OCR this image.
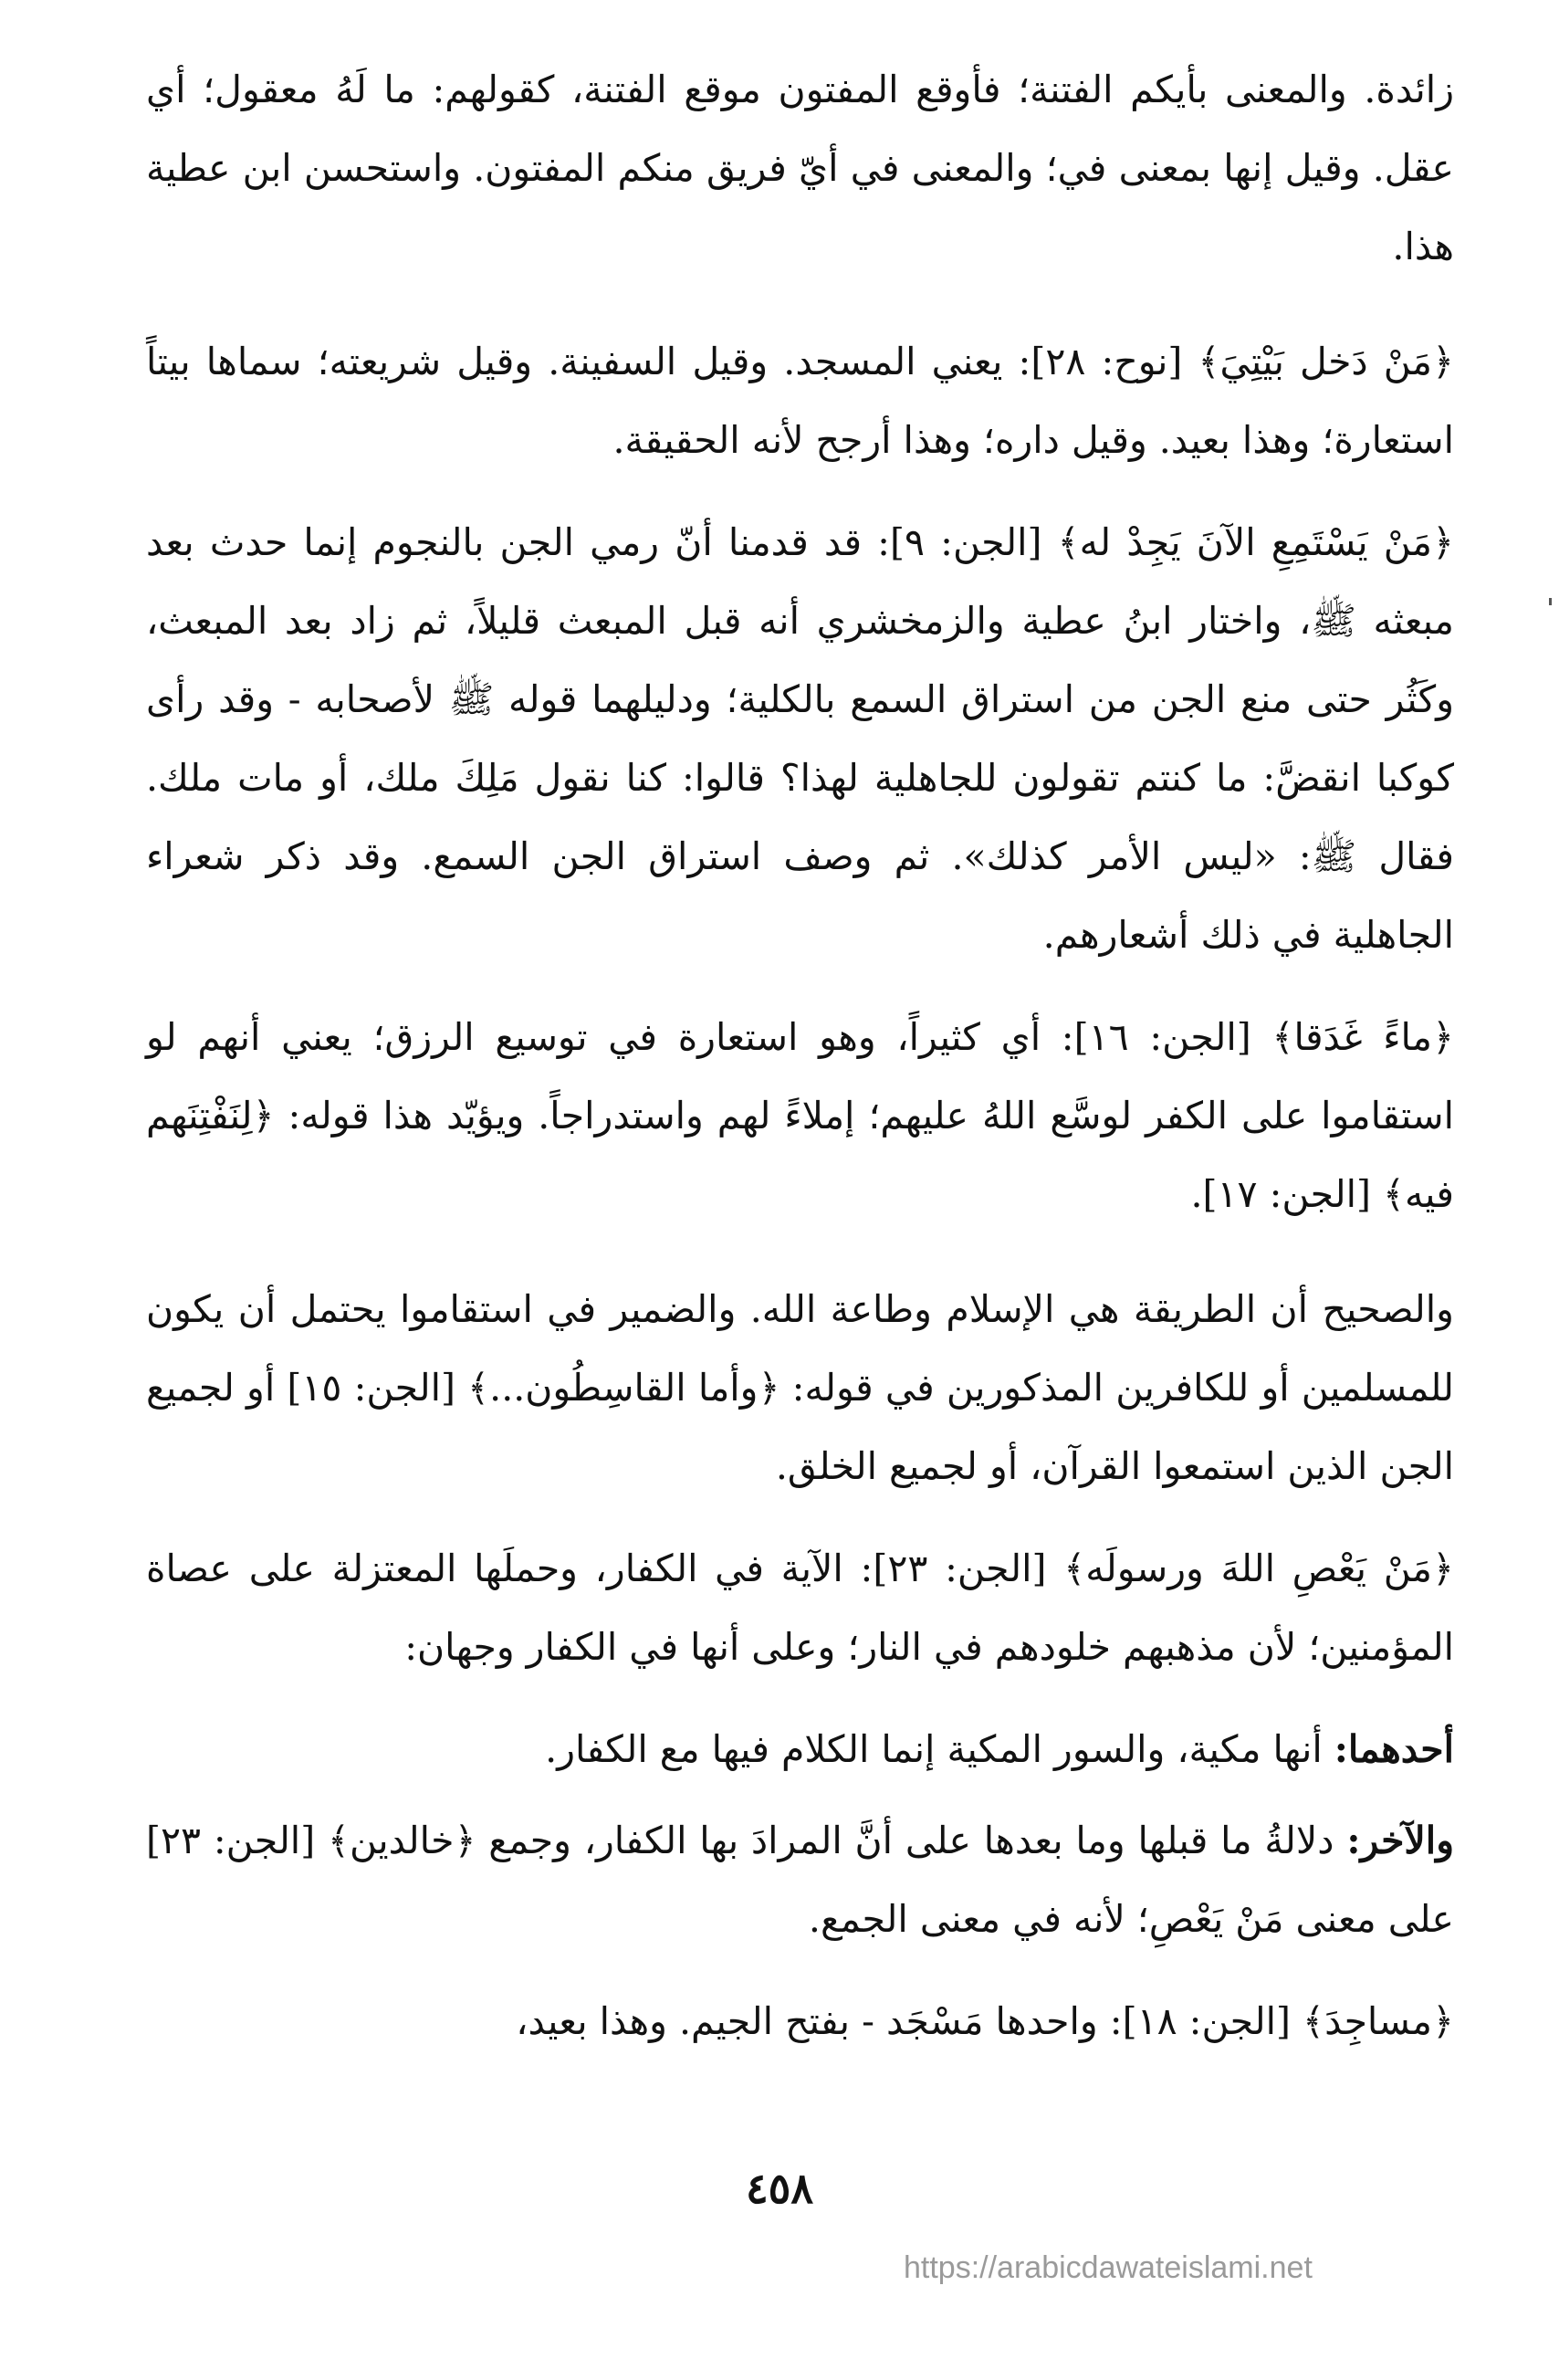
زائدة. والمعنى بأيكم الفتنة؛ فأوقع المفتون موقع الفتنة، كقولهم: ما لَهُ معقول؛ أي عقل. وقيل إنها بمعنى في؛ والمعنى في أيّ فريق منكم المفتون. واستحسن ابن عطية هذا.

﴿مَنْ دَخل بَيْتِيَ﴾ [نوح: ٢٨]: يعني المسجد. وقيل السفينة. وقيل شريعته؛ سماها بيتاً استعارة؛ وهذا بعيد. وقيل داره؛ وهذا أرجح لأنه الحقيقة.

﴿مَنْ يَسْتَمِعِ الآنَ يَجِدْ له﴾ [الجن: ٩]: قد قدمنا أنّ رمي الجن بالنجوم إنما حدث بعد مبعثه ﷺ، واختار ابنُ عطية والزمخشري أنه قبل المبعث قليلاً، ثم زاد بعد المبعث، وكَثُر حتى منع الجن من استراق السمع بالكلية؛ ودليلهما قوله ﷺ لأصحابه - وقد رأى كوكبا انقضَّ: ما كنتم تقولون للجاهلية لهذا؟ قالوا: كنا نقول مَلِكَ ملك، أو مات ملك. فقال ﷺ: «ليس الأمر كذلك». ثم وصف استراق الجن السمع. وقد ذكر شعراء الجاهلية في ذلك أشعارهم.

﴿ماءً غَدَقا﴾ [الجن: ١٦]: أي كثيراً، وهو استعارة في توسيع الرزق؛ يعني أنهم لو استقاموا على الكفر لوسَّع اللهُ عليهم؛ إملاءً لهم واستدراجاً. ويؤيّد هذا قوله: ﴿لِنَفْتِنَهم فيه﴾ [الجن: ١٧].

والصحيح أن الطريقة هي الإسلام وطاعة الله. والضمير في استقاموا يحتمل أن يكون للمسلمين أو للكافرين المذكورين في قوله: ﴿وأما القاسِطُون...﴾ [الجن: ١٥] أو لجميع الجن الذين استمعوا القرآن، أو لجميع الخلق.

﴿مَنْ يَعْصِ اللهَ ورسولَه﴾ [الجن: ٢٣]: الآية في الكفار، وحملَها المعتزلة على عصاة المؤمنين؛ لأن مذهبهم خلودهم في النار؛ وعلى أنها في الكفار وجهان:

أحدهما: أنها مكية، والسور المكية إنما الكلام فيها مع الكفار.

والآخر: دلالةُ ما قبلها وما بعدها على أنَّ المرادَ بها الكفار، وجمع ﴿خالدين﴾ [الجن: ٢٣] على معنى مَنْ يَعْصِ؛ لأنه في معنى الجمع.

﴿مساجِدَ﴾ [الجن: ١٨]: واحدها مَسْجَد - بفتح الجيم. وهذا بعيد،

٤٥٨
https://arabicdawateislami.net
